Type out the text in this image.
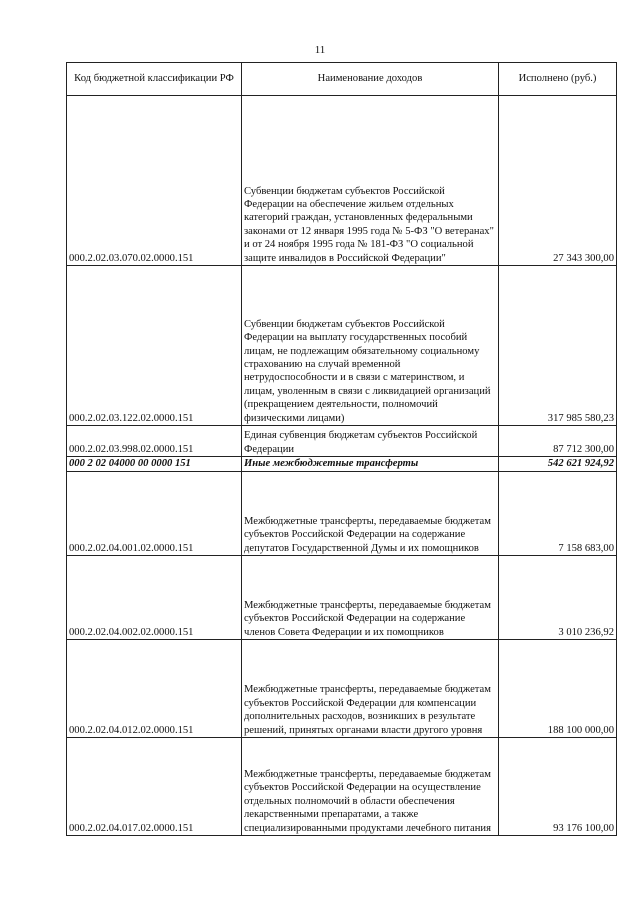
11
Код бюджетной классификации РФ	Наименование доходов	Исполнено (руб.)
000.2.02.03.070.02.0000.151	Субвенции бюджетам субъектов Российской Федерации на обеспечение жильем отдельных категорий граждан, установленных федеральными законами от 12 января 1995 года № 5-ФЗ "О ветеранах" и от 24 ноября 1995 года № 181-ФЗ "О социальной защите инвалидов в Российской Федерации"	27 343 300,00
000.2.02.03.122.02.0000.151	Субвенции бюджетам субъектов Российской Федерации на выплату государственных пособий лицам, не подлежащим обязательному социальному страхованию на случай временной нетрудоспособности и в связи с материнством, и лицам, уволенным в связи с ликвидацией организаций (прекращением деятельности, полномочий физическими лицами)	317 985 580,23
000.2.02.03.998.02.0000.151	Единая субвенция бюджетам субъектов Российской Федерации	87 712 300,00
000 2 02 04000 00 0000 151	Иные межбюджетные трансферты	542 621 924,92
000.2.02.04.001.02.0000.151	Межбюджетные трансферты, передаваемые бюджетам субъектов Российской Федерации на содержание депутатов Государственной Думы и их помощников	7 158 683,00
000.2.02.04.002.02.0000.151	Межбюджетные трансферты, передаваемые бюджетам субъектов Российской Федерации на содержание членов Совета Федерации и их помощников	3 010 236,92
000.2.02.04.012.02.0000.151	Межбюджетные трансферты, передаваемые бюджетам субъектов Российской Федерации для компенсации дополнительных расходов, возникших в результате решений, принятых органами власти другого уровня	188 100 000,00
000.2.02.04.017.02.0000.151	Межбюджетные трансферты, передаваемые бюджетам субъектов Российской Федерации на осуществление отдельных полномочий в области обеспечения лекарственными препаратами, а также специализированными продуктами лечебного питания	93 176 100,00
